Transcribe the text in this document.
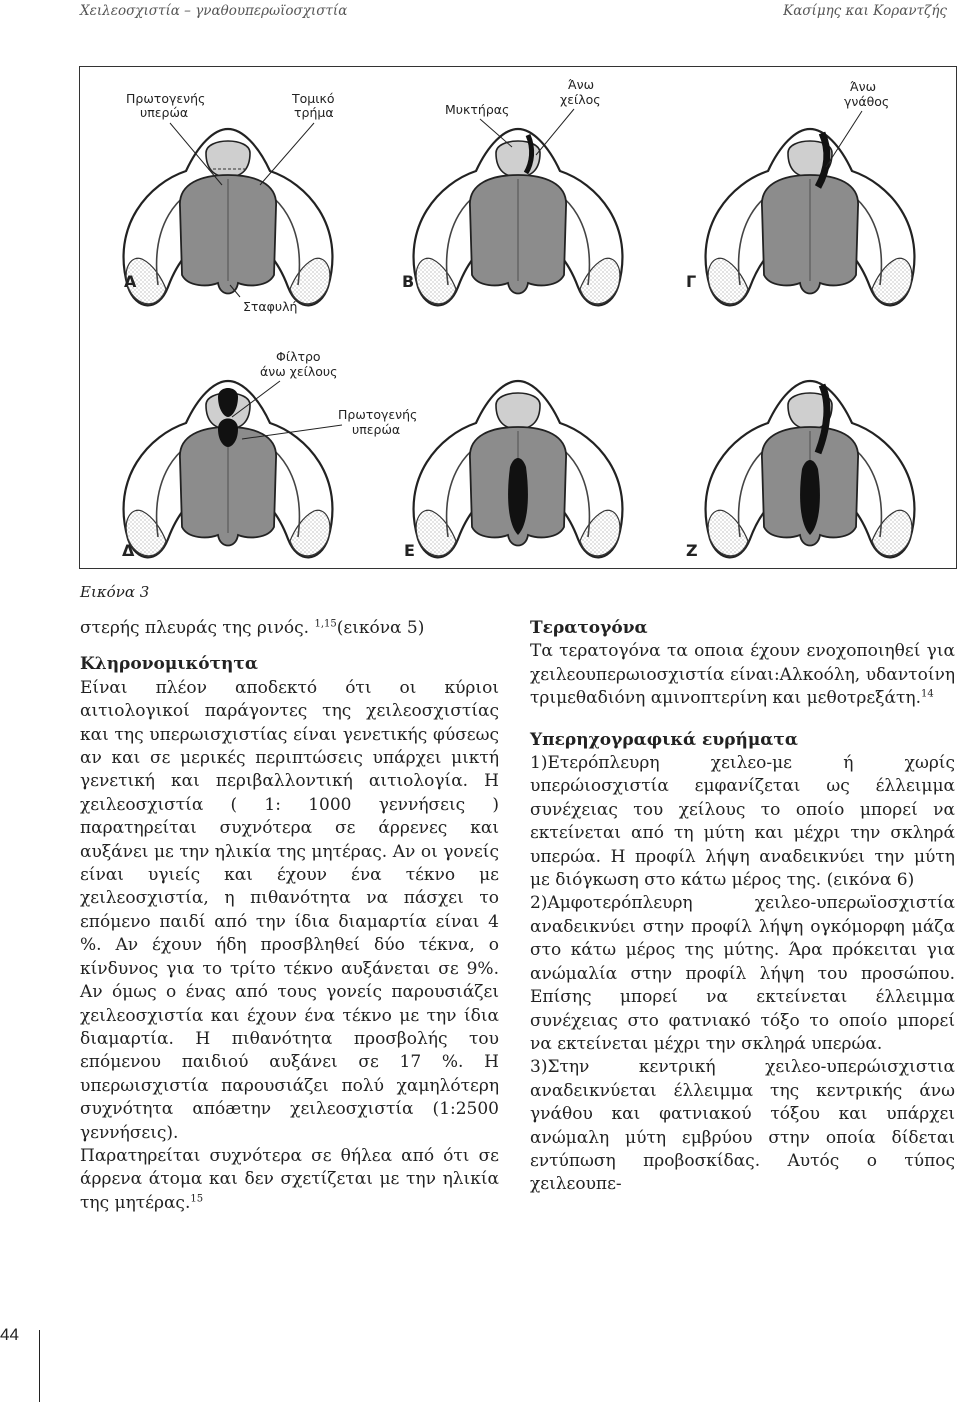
Χειλεοσχιστία – γναθουπερωϊοσχιστία	Κασίμης και Κοραντζής
Πρωτογενής
υπερώα
Τομικό
τρήμα	Μυκτήρας
Άνω
χείλος
Άνω
γνάθος
Σταφυλή
Φίλτρο
άνω χείλους
Πρωτογενής
υπερώα
Α	Β	Γ
Δ	Ε	Ζ
Εικόνα 3

στερής πλευράς της ρινός. $^{1,15}$(εικόνα 5)

Κληρονομικότητα

Είναι πλέον αποδεκτό ότι οι κύριοι αιτιολογικοί παράγοντες της χειλεοσχιστίας και της υπερωισχιστίας είναι γενετικής φύσεως αν και σε μερικές περιπτώσεις υπάρχει μικτή γενετική και περιβαλλοντική αιτιολογία. Η χειλεοσχιστία ( 1: 1000 γεννήσεις ) παρατηρείται συχνότερα σε άρρενες και αυξάνει με την ηλικία της μητέρας. Αν οι γονείς είναι υγιείς και έχουν ένα τέκνο με χειλεοσχιστία, η πιθανότητα να πάσχει το επόμενο παιδί από την ίδια διαμαρτία είναι 4 %. Αν έχουν ήδη προσβληθεί δύο τέκνα, ο κίνδυνος για το τρίτο τέκνο αυξάνεται σε 9%. Αν όμως ο ένας από τους γονείς παρουσιάζει χειλεοσχιστία και έχουν ένα τέκνο με την ίδια διαμαρτία. Η πιθανότητα προσβολής του επόμενου παιδιού αυξάνει σε 17 %. Η υπερωισχιστία παρουσιάζει πολύ χαμηλότερη συχνότητα απόæτην χειλεοσχιστία (1:2500 γεννήσεις).

Παρατηρείται συχνότερα σε θήλεα από ότι σε άρρενα άτομα και δεν σχετίζεται με την ηλικία της μητέρας.$^{15}$

Τερατογόνα

Τα τερατογόνα τα οποια έχουν ενοχοποιηθεί για χειλεουπερωιοσχιστία είναι:Αλκοόλη, υδαντοίνη τριμεθαδιόνη αμινοπτερίνη και μεθοτρεξάτη.$^{14}$

Υπερηχογραφικά ευρήματα

1)Ετερόπλευρη χειλεο-με ή χωρίς υπερώιοσχιστία εμφανίζεται ως έλλειμμα συνέχειας του χείλους το οποίο μπορεί να εκτείνεται από τη μύτη και μέχρι την σκληρά υπερώα. Η προφίλ λήψη αναδεικνύει την μύτη με διόγκωση στο κάτω μέρος της. (εικόνα 6)

2)Αμφοτερόπλευρη χειλεο-υπερωϊοσχιστία αναδεικνύει στην προφίλ λήψη ογκόμορφη μάζα στο κάτω μέρος της μύτης. Άρα πρόκειται για ανώμαλία στην προφίλ λήψη του προσώπου. Επίσης μπορεί να εκτείνεται έλλειμμα συνέχειας στο φατνιακό τόξο το οποίο μπορεί να εκτείνεται μέχρι την σκληρά υπερώα.

3)Στην κεντρική χειλεο-υπερώισχιστια αναδεικνύεται έλλειμμα της κεντρικής άνω γνάθου και φατνιακού τόξου και υπάρχει ανώμαλη μύτη εμβρύου στην οποία δίδεται εντύπωση προβοσκίδας. Αυτός ο τύπος χειλεουπε-

44
